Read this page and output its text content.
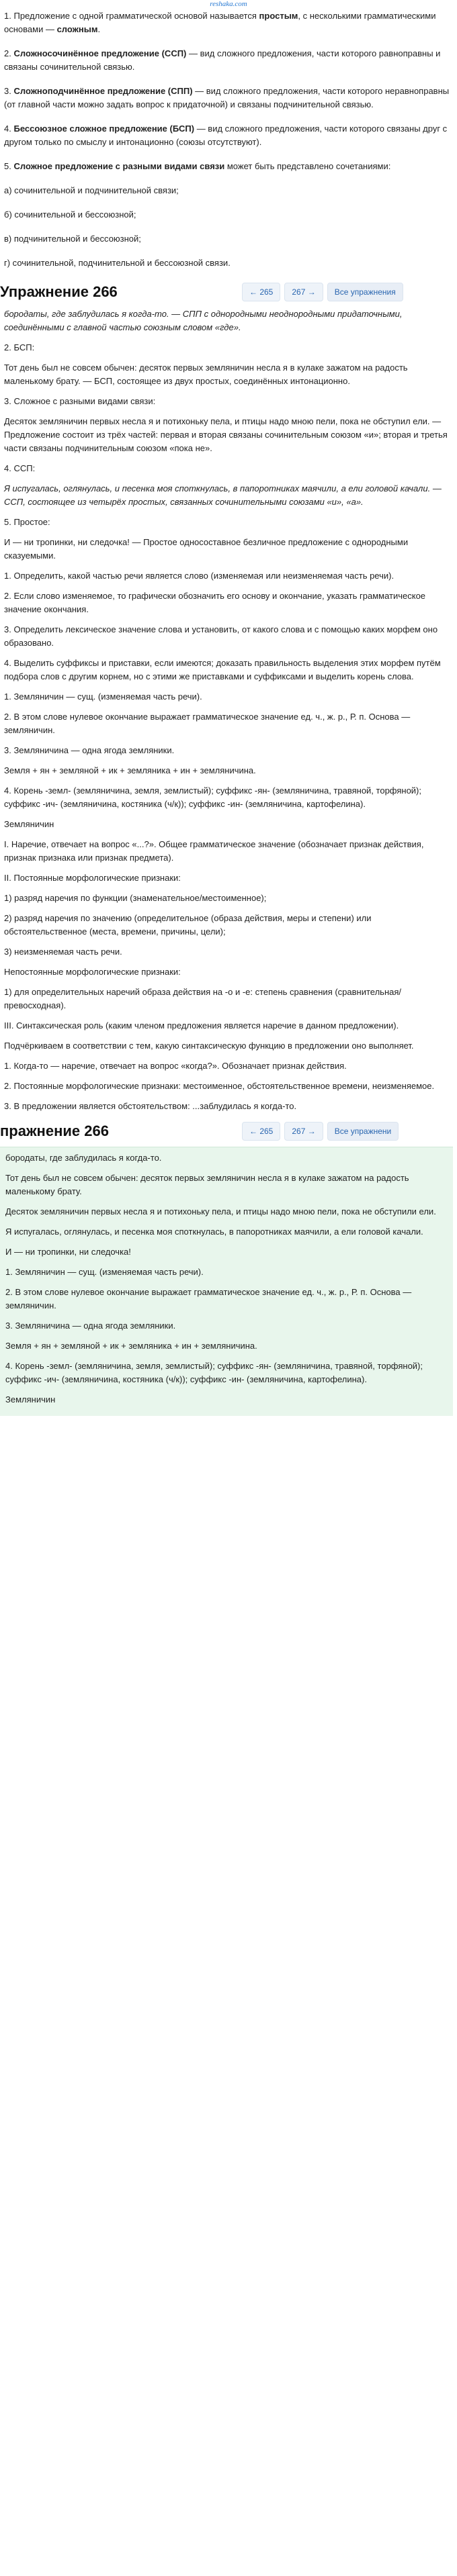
reshaka.com

1. Предложение с одной грамматической основой называется простым, с несколькими грамматическими основами — сложным.

2. Сложносочинённое предложение (ССП) — вид сложного предложения, части которого равноправны и связаны сочинительной связью.

3. Сложноподчинённое предложение (СПП) — вид сложного предложения, части которого неравноправны (от главной части можно задать вопрос к придаточной) и связаны подчинительной связью.

4. Бессоюзное сложное предложение (БСП) — вид сложного предложения, части которого связаны друг с другом только по смыслу и интонационно (союзы отсутствуют).

5. Сложное предложение с разными видами связи может быть представлено сочетаниями:

а) сочинительной и подчинительной связи;

б) сочинительной и бессоюзной;

в) подчинительной и бессоюзной;

г) сочинительной, подчинительной и бессоюзной связи.

Упражнение 266	← 265	267 →	Все упражнения

бородаты, где заблудилась я когда-то. — СПП с однородными неоднородными придаточными, соединёнными с главной частью союзным словом «где».

2. БСП:

Тот день был не совсем обычен: десяток первых земляничин несла я в кулаке зажатом на радость маленькому брату. — БСП, состоящее из двух простых, соединённых интонационно.

3. Сложное с разными видами связи:

Десяток земляничин первых несла я и потихоньку пела, и птицы надо мною пели, пока не обступил ели. — Предложение состоит из трёх частей: первая и вторая связаны сочинительным союзом «и»; вторая и третья части связаны подчинительным союзом «пока не».

4. ССП:

Я испугалась, оглянулась, и песенка моя споткнулась, в папоротниках маячили, а ели головой качали. — ССП, состоящее из четырёх простых, связанных сочинительными союзами «и», «а».

5. Простое:

И — ни тропинки, ни следочка! — Простое односоставное безличное предложение с однородными сказуемыми.

1. Определить, какой частью речи является слово (изменяемая или неизменяемая часть речи).

2. Если слово изменяемое, то графически обозначить его основу и окончание, указать грамматическое значение окончания.

3. Определить лексическое значение слова и установить, от какого слова и с помощью каких морфем оно образовано.

4. Выделить суффиксы и приставки, если имеются; доказать правильность выделения этих морфем путём подбора слов с другим корнем, но с этими же приставками и суффиксами и выделить корень слова.

1. Земляничин — сущ. (изменяемая часть речи).

2. В этом слове нулевое окончание выражает грамматическое значение ед. ч., ж. р., Р. п. Основа — земляничин.

3. Земляничина — одна ягода земляники.

Земля + ян + земляной + ик + земляника + ин + земляничина.

4. Корень -земл- (земляничина, земля, землистый); суффикс -ян- (земляничина, травяной, торфяной); суффикс -ич- (земляничина, костяника (ч/к)); суффикс -ин- (земляничина, картофелина).

Земляничин

I. Наречие, отвечает на вопрос «...?». Общее грамматическое значение (обозначает признак действия, признак признака или признак предмета).

II. Постоянные морфологические признаки:

1) разряд наречия по функции (знаменательное/местоименное);

2) разряд наречия по значению (определительное (образа действия, меры и степени) или обстоятельственное (места, времени, причины, цели);

3) неизменяемая часть речи.

Непостоянные морфологические признаки:

1) для определительных наречий образа действия на -о и -е: степень сравнения (сравнительная/превосходная).

III. Синтаксическая роль (каким членом предложения является наречие в данном предложении).

Подчёркиваем в соответствии с тем, какую синтаксическую функцию в предложении оно выполняет.

1. Когда-то — наречие, отвечает на вопрос «когда?». Обозначает признак действия.

2. Постоянные морфологические признаки: местоименное, обстоятельственное времени, неизменяемое.

3. В предложении является обстоятельством: ...заблудилась я когда-то.

пражнение 266	← 265	267 →	Все упражнени

бородаты, где заблудилась я когда-то.

Тот день был не совсем обычен: десяток первых земляничин несла я в кулаке зажатом на радость маленькому брату.

Десяток земляничин первых несла я и потихоньку пела, и птицы надо мною пели, пока не обступили ели.

Я испугалась, оглянулась, и песенка моя споткнулась, в папоротниках маячили, а ели головой качали.

И — ни тропинки, ни следочка!

1. Земляничин — сущ. (изменяемая часть речи).

2. В этом слове нулевое окончание выражает грамматическое значение ед. ч., ж. р., Р. п. Основа — земляничин.

3. Земляничина — одна ягода земляники.

Земля + ян + земляной + ик + земляника + ин + земляничина.

4. Корень -земл- (земляничина, земля, землистый); суффикс -ян- (земляничина, травяной, торфяной); суффикс -ич- (земляничина, костяника (ч/к)); суффикс -ин- (земляничина, картофелина).

Земляничин
